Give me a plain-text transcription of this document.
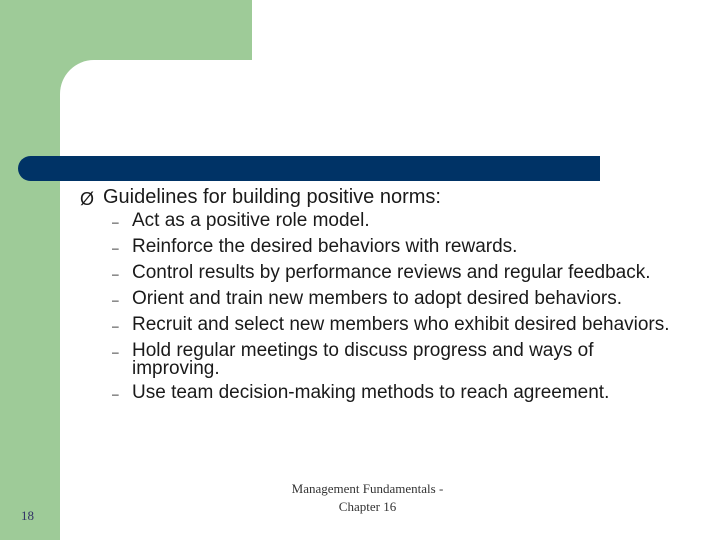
Ø Guidelines for building positive norms:
– Act as a positive role model.
– Reinforce the desired behaviors with rewards.
– Control results by performance reviews and regular feedback.
– Orient and train new members to adopt desired behaviors.
– Recruit and select new members who exhibit desired behaviors.
– Hold regular meetings to discuss progress and ways of improving.
– Use team decision-making methods to reach agreement.
Management Fundamentals -
Chapter 16
18
